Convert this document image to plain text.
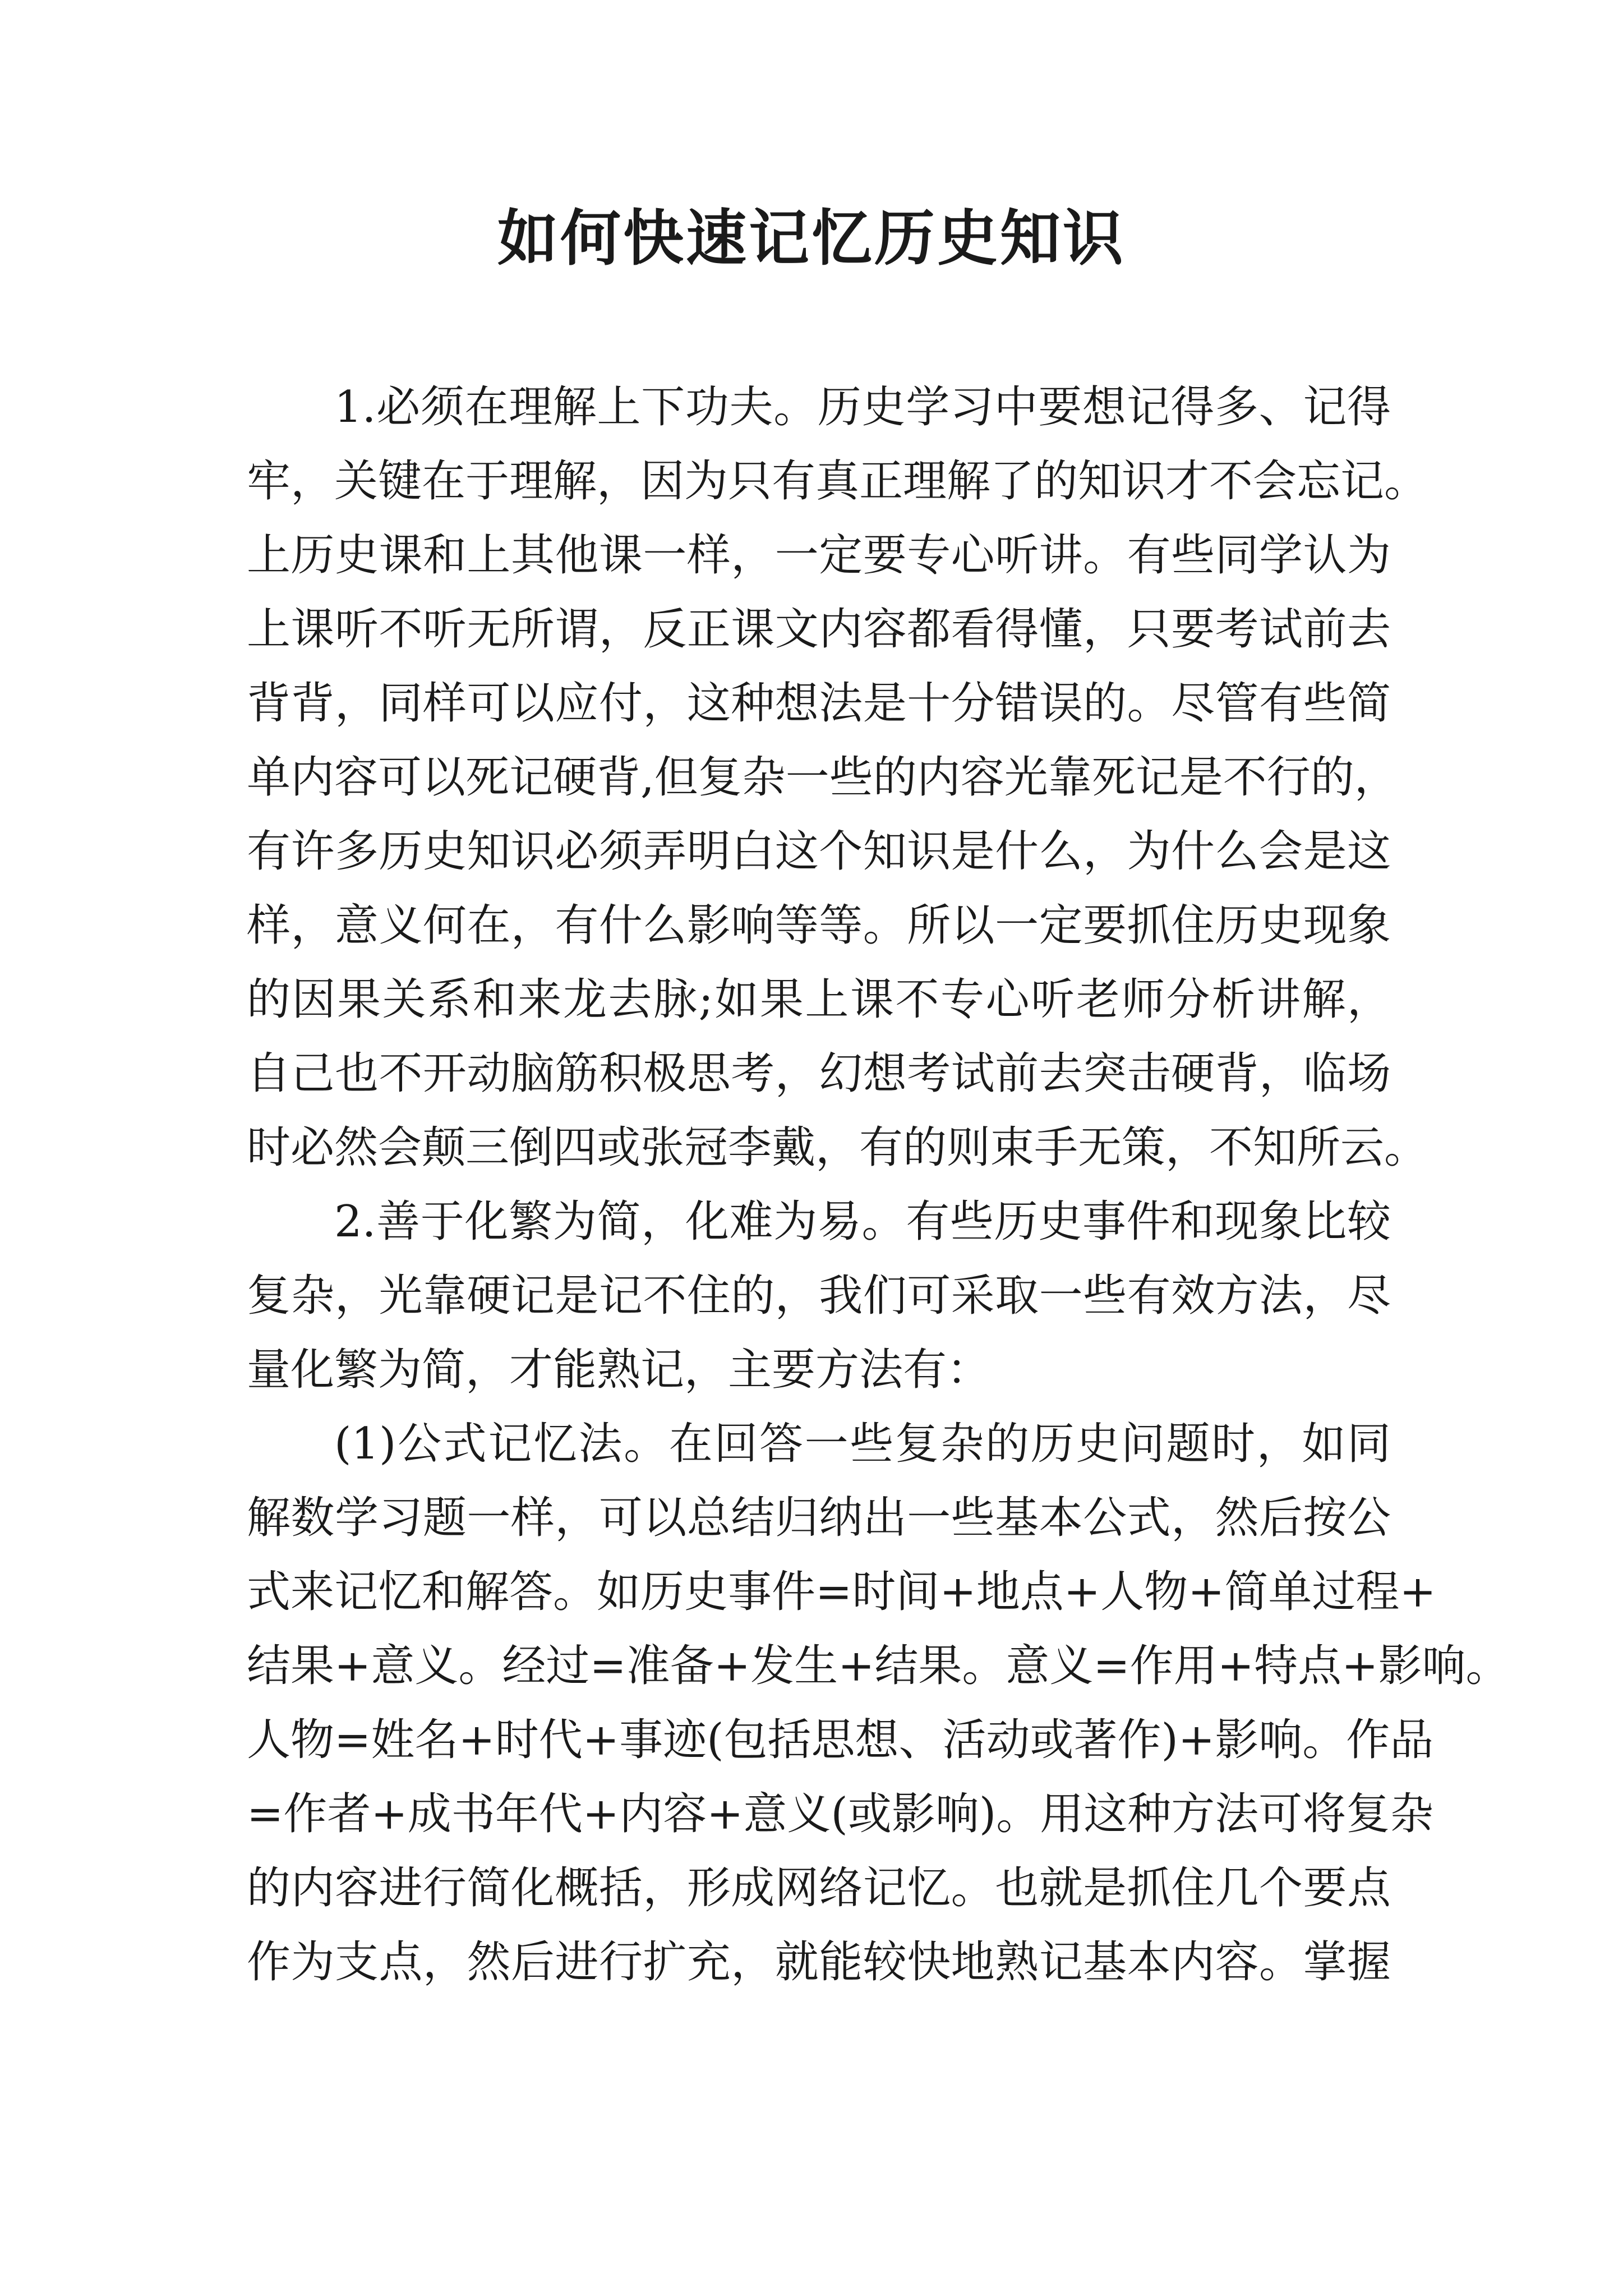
如何快速记忆历史知识
1.必须在理解上下功夫。历史学习中要想记得多、记得
牢，关键在于理解，因为只有真正理解了的知识才不会忘记。
上历史课和上其他课一样，一定要专心听讲。有些同学认为
上课听不听无所谓，反正课文内容都看得懂，只要考试前去
背背，同样可以应付，这种想法是十分错误的。尽管有些简
单内容可以死记硬背,但复杂一些的内容光靠死记是不行的，
有许多历史知识必须弄明白这个知识是什么，为什么会是这
样，意义何在，有什么影响等等。所以一定要抓住历史现象
的因果关系和来龙去脉;如果上课不专心听老师分析讲解，
自己也不开动脑筋积极思考，幻想考试前去突击硬背，临场
时必然会颠三倒四或张冠李戴，有的则束手无策，不知所云。
2.善于化繁为简，化难为易。有些历史事件和现象比较
复杂，光靠硬记是记不住的，我们可采取一些有效方法，尽
量化繁为简，才能熟记，主要方法有：
(1)公式记忆法。在回答一些复杂的历史问题时，如同
解数学习题一样，可以总结归纳出一些基本公式，然后按公
式来记忆和解答。如历史事件=时间+地点+人物+简单过程+
结果+意义。经过=准备+发生+结果。意义=作用+特点+影响。
人物=姓名+时代+事迹(包括思想、活动或著作)+影响。作品
=作者+成书年代+内容+意义(或影响)。用这种方法可将复杂
的内容进行简化概括，形成网络记忆。也就是抓住几个要点
作为支点，然后进行扩充，就能较快地熟记基本内容。掌握
